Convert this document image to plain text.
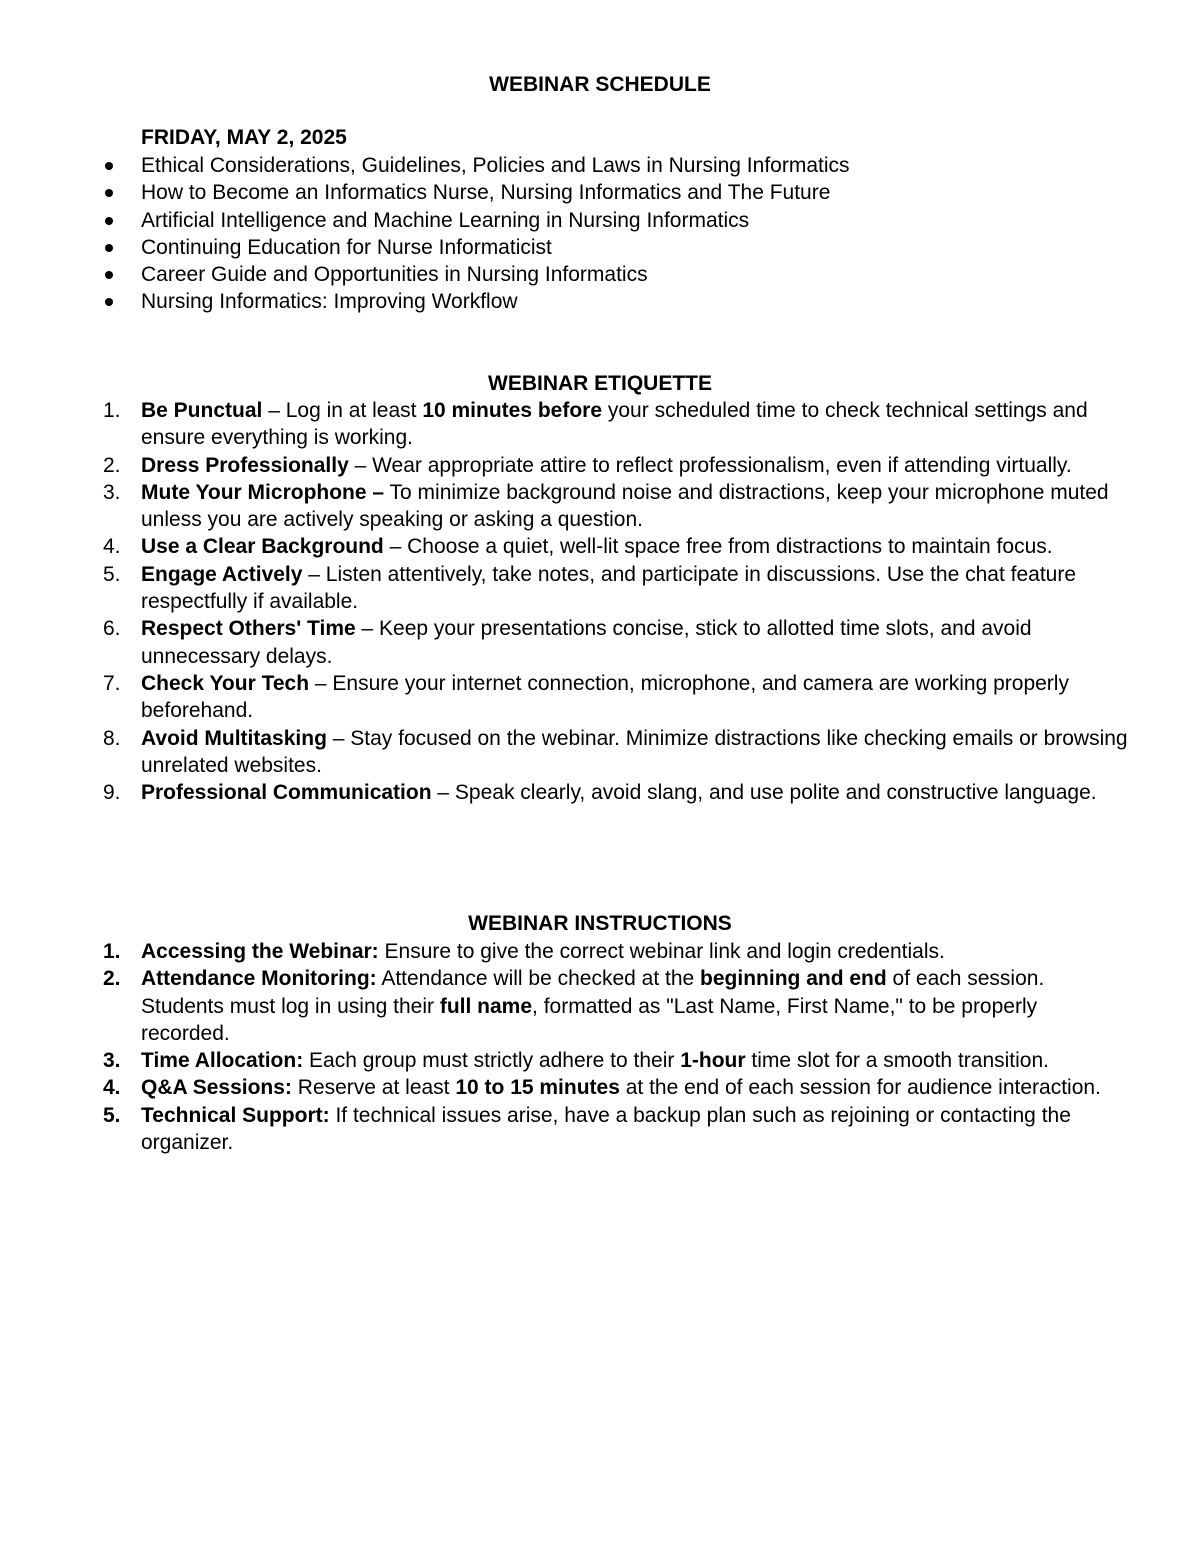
WEBINAR SCHEDULE
FRIDAY, MAY 2, 2025
Ethical Considerations, Guidelines, Policies and Laws in Nursing Informatics
How to Become an Informatics Nurse, Nursing Informatics and The Future
Artificial Intelligence and Machine Learning in Nursing Informatics
Continuing Education for Nurse Informaticist
Career Guide and Opportunities in Nursing Informatics
Nursing Informatics: Improving Workflow
WEBINAR ETIQUETTE
1. Be Punctual – Log in at least 10 minutes before your scheduled time to check technical settings and ensure everything is working.
2. Dress Professionally – Wear appropriate attire to reflect professionalism, even if attending virtually.
3. Mute Your Microphone – To minimize background noise and distractions, keep your microphone muted unless you are actively speaking or asking a question.
4. Use a Clear Background – Choose a quiet, well-lit space free from distractions to maintain focus.
5. Engage Actively – Listen attentively, take notes, and participate in discussions. Use the chat feature respectfully if available.
6. Respect Others' Time – Keep your presentations concise, stick to allotted time slots, and avoid unnecessary delays.
7. Check Your Tech – Ensure your internet connection, microphone, and camera are working properly beforehand.
8. Avoid Multitasking – Stay focused on the webinar. Minimize distractions like checking emails or browsing unrelated websites.
9. Professional Communication – Speak clearly, avoid slang, and use polite and constructive language.
WEBINAR INSTRUCTIONS
1. Accessing the Webinar: Ensure to give the correct webinar link and login credentials.
2. Attendance Monitoring: Attendance will be checked at the beginning and end of each session. Students must log in using their full name, formatted as "Last Name, First Name," to be properly recorded.
3. Time Allocation: Each group must strictly adhere to their 1-hour time slot for a smooth transition.
4. Q&A Sessions: Reserve at least 10 to 15 minutes at the end of each session for audience interaction.
5. Technical Support: If technical issues arise, have a backup plan such as rejoining or contacting the organizer.
